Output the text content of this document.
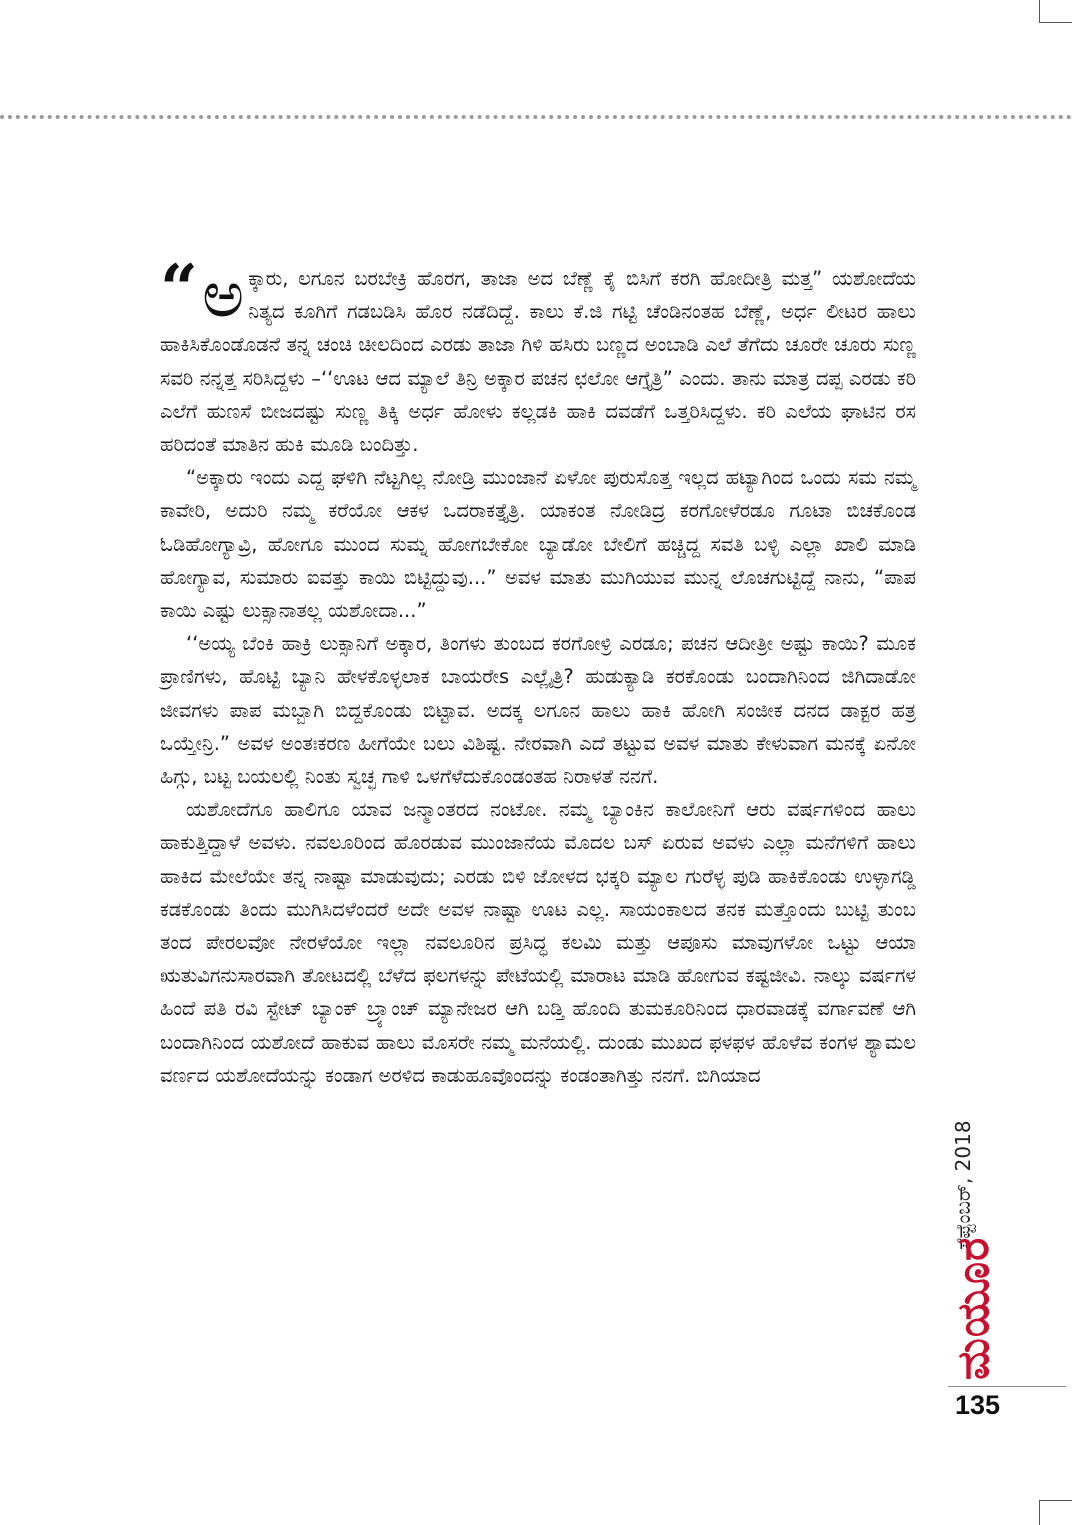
“ ಅ ಕ್ಕಾರು, ಲಗೂನ ಬರಬೇಕ್ರಿ ಹೊರಗ, ತಾಜಾ ಅದ ಬೆಣ್ಣೆ ಕೈ ಬಿಸಿಗೆ ಕರಗಿ ಹೋದೀತ್ರಿ ಮತ್ತ” ಯಶೋದೆಯ ನಿತ್ಯದ ಕೂಗಿಗೆ ಗಡಬಡಿಸಿ ಹೊರ ನಡೆದಿದ್ದೆ. ಕಾಲು ಕೆ.ಜಿ ಗಟ್ಟಿ ಚೆಂಡಿನಂತಹ ಬೆಣ್ಣೆ, ಅರ್ಧ ಲೀಟರ ಹಾಲು ಹಾಕಿಸಿಕೊಂಡೊಡನೆ ತನ್ನ ಚಂಚಿ ಚೀಲದಿಂದ ಎರಡು ತಾಜಾ ಗಿಳಿ ಹಸಿರು ಬಣ್ಣದ ಅಂಬಾಡಿ ಎಲೆ ತೆಗೆದು ಚೂರೇ ಚೂರು ಸುಣ್ಣ ಸವರಿ ನನ್ನತ್ತ ಸರಿಸಿದ್ದಳು –‘‘ಊಟ ಆದ ಮ್ಯಾಲೆ ತಿನ್ರಿ ಅಕ್ಕಾರ ಪಚನ ಛಲೋ ಆಗ್ತೈತ್ರಿ” ಎಂದು. ತಾನು ಮಾತ್ರ ದಪ್ಪ ಎರಡು ಕರಿ ಎಲೆಗೆ ಹುಣಸೆ ಬೀಜದಷ್ಟು ಸುಣ್ಣ ತಿಕ್ಕಿ ಅರ್ಧ ಹೋಳು ಕಲ್ಲಡಕಿ ಹಾಕಿ ದವಡೆಗೆ ಒತ್ತರಿಸಿದ್ದಳು. ಕರಿ ಎಲೆಯ ಘಾಟಿನ ರಸ ಹರಿದಂತೆ ಮಾತಿನ ಹುಕಿ ಮೂಡಿ ಬಂದಿತ್ತು.

“ಅಕ್ಕಾರು ಇಂದು ಎದ್ದ ಘಳಿಗಿ ನೆಟ್ಟಗಿಲ್ಲ ನೋಡ್ರಿ ಮುಂಜಾನೆ ಏಳೋ ಪುರುಸೊತ್ತ ಇಲ್ಲದ ಹಟ್ಯಾಗಿಂದ ಒಂದು ಸಮ ನಮ್ಮ ಕಾವೇರಿ, ಅದುರಿ ನಮ್ಮ ಕರೆಯೋ ಆಕಳ ಒದರಾಕತ್ತೈತ್ರಿ. ಯಾಕಂತ ನೋಡಿದ್ರ ಕರಗೋಳೆರಡೂ ಗೂಟಾ ಬಿಚಕೊಂಡ ಓಡಿಹೋಗ್ಯಾವ್ರಿ, ಹೋಗೂ ಮುಂದ ಸುಮ್ನ ಹೋಗಬೇಕೋ ಬ್ಯಾಡೋ ಬೇಲಿಗೆ ಹಚ್ಚಿದ್ದ ಸವತಿ ಬಳ್ಳಿ ಎಲ್ಲಾ ಖಾಲಿ ಮಾಡಿ ಹೋಗ್ಯಾವ, ಸುಮಾರು ಐವತ್ತು ಕಾಯಿ ಬಿಟ್ಟಿದ್ದುವು...” ಅವಳ ಮಾತು ಮುಗಿಯುವ ಮುನ್ನ ಲೊಚಗುಟ್ಟಿದ್ದೆ ನಾನು, “ಪಾಪ ಕಾಯಿ ಎಷ್ಟು ಲುಕ್ಸಾನಾತಲ್ಲ ಯಶೋದಾ...”

‘‘ಅಯ್ಯ ಬೆಂಕಿ ಹಾಕ್ರಿ ಲುಕ್ಸಾನಿಗೆ ಅಕ್ಕಾರ, ತಿಂಗಳು ತುಂಬದ ಕರಗೋಳ್ರಿ ಎರಡೂ; ಪಚನ ಆದೀತ್ರೀ ಅಷ್ಟು ಕಾಯಿ? ಮೂಕ ಪ್ರಾಣಿಗಳು, ಹೊಟ್ಟಿ ಬ್ಯಾನಿ ಹೇಳಕೊಳ್ಳಲಾಕ ಬಾಯರೇs ಎಲ್ಲೈತ್ರಿ? ಹುಡುಕ್ಯಾಡಿ ಕರಕೊಂಡು ಬಂದಾಗಿನಿಂದ ಜಿಗಿದಾಡೋ ಜೀವಗಳು ಪಾಪ ಮಬ್ಬಾಗಿ ಬಿದ್ದಕೊಂಡು ಬಿಟ್ಟಾವ. ಅದಕ್ಕ ಲಗೂನ ಹಾಲು ಹಾಕಿ ಹೋಗಿ ಸಂಜೀಕ ದನದ ಡಾಕ್ಟರ ಹತ್ರ ಒಯ್ತೇನ್ರಿ.” ಅವಳ ಅಂತಃಕರಣ ಹೀಗೆಯೇ ಬಲು ವಿಶಿಷ್ಟ. ನೇರವಾಗಿ ಎದೆ ತಟ್ಟುವ ಅವಳ ಮಾತು ಕೇಳುವಾಗ ಮನಕ್ಕೆ ಏನೋ ಹಿಗ್ಗು, ಬಟ್ಟ ಬಯಲಲ್ಲಿ ನಿಂತು ಸ್ವಚ್ಛ ಗಾಳಿ ಒಳಗೆಳೆದುಕೊಂಡಂತಹ ನಿರಾಳತೆ ನನಗೆ.

ಯಶೋದೆಗೂ ಹಾಲಿಗೂ ಯಾವ ಜನ್ಮಾಂತರದ ನಂಟೋ. ನಮ್ಮ ಬ್ಯಾಂಕಿನ ಕಾಲೋನಿಗೆ ಆರು ವರ್ಷಗಳಿಂದ ಹಾಲು ಹಾಕುತ್ತಿದ್ದಾಳೆ ಅವಳು. ನವಲೂರಿಂದ ಹೊರಡುವ ಮುಂಜಾನೆಯ ಮೊದಲ ಬಸ್ ಏರುವ ಅವಳು ಎಲ್ಲಾ ಮನೆಗಳಿಗೆ ಹಾಲು ಹಾಕಿದ ಮೇಲೆಯೇ ತನ್ನ ನಾಷ್ಟಾ ಮಾಡುವುದು; ಎರಡು ಬಿಳಿ ಜೋಳದ ಭಕ್ಕರಿ ಮ್ಯಾಲ ಗುರೆಳ್ಳ ಪುಡಿ ಹಾಕಿಕೊಂಡು ಉಳ್ಳಾಗಡ್ಡಿ ಕಡಕೊಂಡು ತಿಂದು ಮುಗಿಸಿದಳೆಂದರೆ ಅದೇ ಅವಳ ನಾಷ್ಟಾ ಊಟ ಎಲ್ಲ. ಸಾಯಂಕಾಲದ ತನಕ ಮತ್ತೊಂದು ಬುಟ್ಟಿ ತುಂಬ ತಂದ ಪೇರಲವೋ ನೇರಳೆಯೋ ಇಲ್ಲಾ ನವಲೂರಿನ ಪ್ರಸಿದ್ಧ ಕಲಮಿ ಮತ್ತು ಆಪೂಸು ಮಾವುಗಳೋ ಒಟ್ಟು ಆಯಾ ಋತುವಿಗನುಸಾರವಾಗಿ ತೋಟದಲ್ಲಿ ಬೆಳೆದ ಫಲಗಳನ್ನು ಪೇಟೆಯಲ್ಲಿ ಮಾರಾಟ ಮಾಡಿ ಹೋಗುವ ಕಷ್ಟಜೀವಿ. ನಾಲ್ಕು ವರ್ಷಗಳ ಹಿಂದೆ ಪತಿ ರವಿ ಸ್ಟೇಟ್ ಬ್ಯಾಂಕ್ ಬ್ರ್ಯಾಂಚ್ ಮ್ಯಾನೇಜರ ಆಗಿ ಬಡ್ತಿ ಹೊಂದಿ ತುಮಕೂರಿನಿಂದ ಧಾರವಾಡಕ್ಕೆ ವರ್ಗಾವಣೆ ಆಗಿ ಬಂದಾಗಿನಿಂದ ಯಶೋದೆ ಹಾಕುವ ಹಾಲು ಮೊಸರೇ ನಮ್ಮ ಮನೆಯಲ್ಲಿ. ದುಂಡು ಮುಖದ ಫಳಫಳ ಹೊಳೆವ ಕಂಗಳ ಶ್ಯಾಮಲ ವರ್ಣದ ಯಶೋದೆಯನ್ನು ಕಂಡಾಗ ಅರಳಿದ ಕಾಡುಹೂವೊಂದನ್ನು ಕಂಡಂತಾಗಿತ್ತು ನನಗೆ. ಬಿಗಿಯಾದ

ಸೆಪ್ಟೆಂಬರ್, 2018
ಮಯೂರ
135
